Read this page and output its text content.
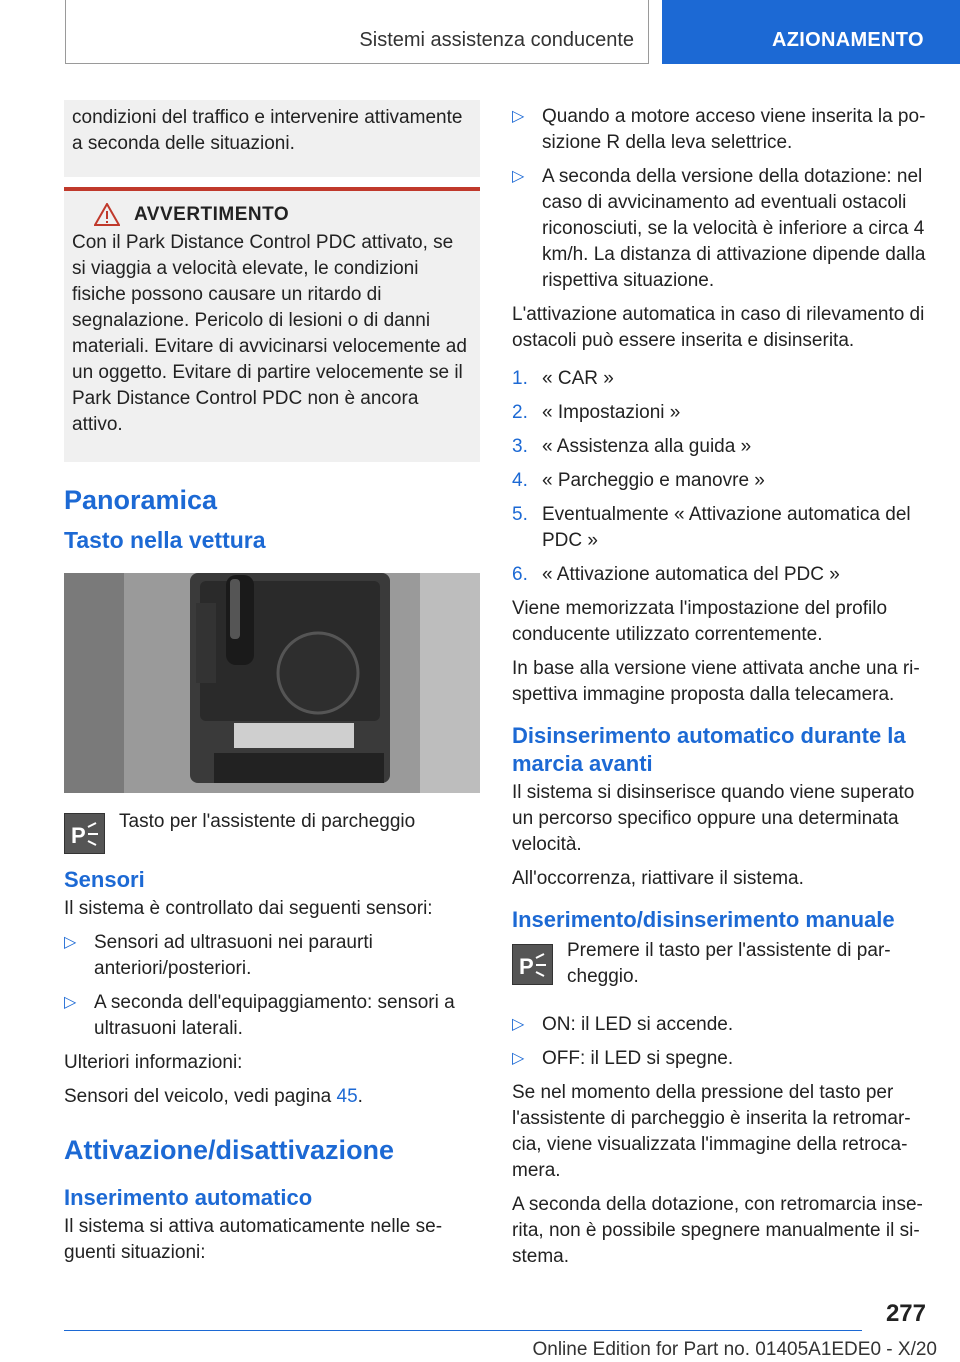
Sistemi assistenza conducente	AZIONAMENTO

condizioni del traffico e intervenire attivamente a seconda delle situazioni.

AVVERTIMENTO

Con il Park Distance Control PDC attivato, se si viaggia a velocità elevate, le condizioni fisiche possono causare un ritardo di segnalazione. Pericolo di lesioni o di danni materiali. Evitare di avvicinarsi velocemente ad un oggetto. Evitare di partire velocemente se il Park Distance Control PDC non è ancora attivo.

Panoramica
Tasto nella vettura
P

Tasto per l'assistente di parcheggio

Sensori

Il sistema è controllato dai seguenti sensori:

▷ Sensori ad ultrasuoni nei paraurti anteriori/posteriori.
▷ A seconda dell'equipaggiamento: sensori a ultrasuoni laterali.

Ulteriori informazioni:

Sensori del veicolo, vedi pagina 45.

Attivazione/disattivazione
Inserimento automatico

Il sistema si attiva automaticamente nelle seguenti situazioni:

▷ Quando a motore acceso viene inserita la posizione R della leva selettrice.
▷ A seconda della versione della dotazione: nel caso di avvicinamento ad eventuali ostacoli riconosciuti, se la velocità è inferiore a circa 4 km/h. La distanza di attivazione dipende dalla rispettiva situazione.

L'attivazione automatica in caso di rilevamento di ostacoli può essere inserita e disinserita.

1. « CAR »
2. « Impostazioni »
3. « Assistenza alla guida »
4. « Parcheggio e manovre »
5. Eventualmente « Attivazione automatica del PDC »
6. « Attivazione automatica del PDC »

Viene memorizzata l'impostazione del profilo conducente utilizzato correntemente.

In base alla versione viene attivata anche una rispettiva immagine proposta dalla telecamera.

Disinserimento automatico durante la marcia avanti

Il sistema si disinserisce quando viene superato un percorso specifico oppure una determinata velocità.

All'occorrenza, riattivare il sistema.

Inserimento/disinserimento manuale
P

Premere il tasto per l'assistente di parcheggio.

▷ ON: il LED si accende.
▷ OFF: il LED si spegne.

Se nel momento della pressione del tasto per l'assistente di parcheggio è inserita la retromarcia, viene visualizzata l'immagine della retrocamera.

A seconda della dotazione, con retromarcia inserita, non è possibile spegnere manualmente il sistema.

277
Online Edition for Part no. 01405A1EDE0 - X/20
